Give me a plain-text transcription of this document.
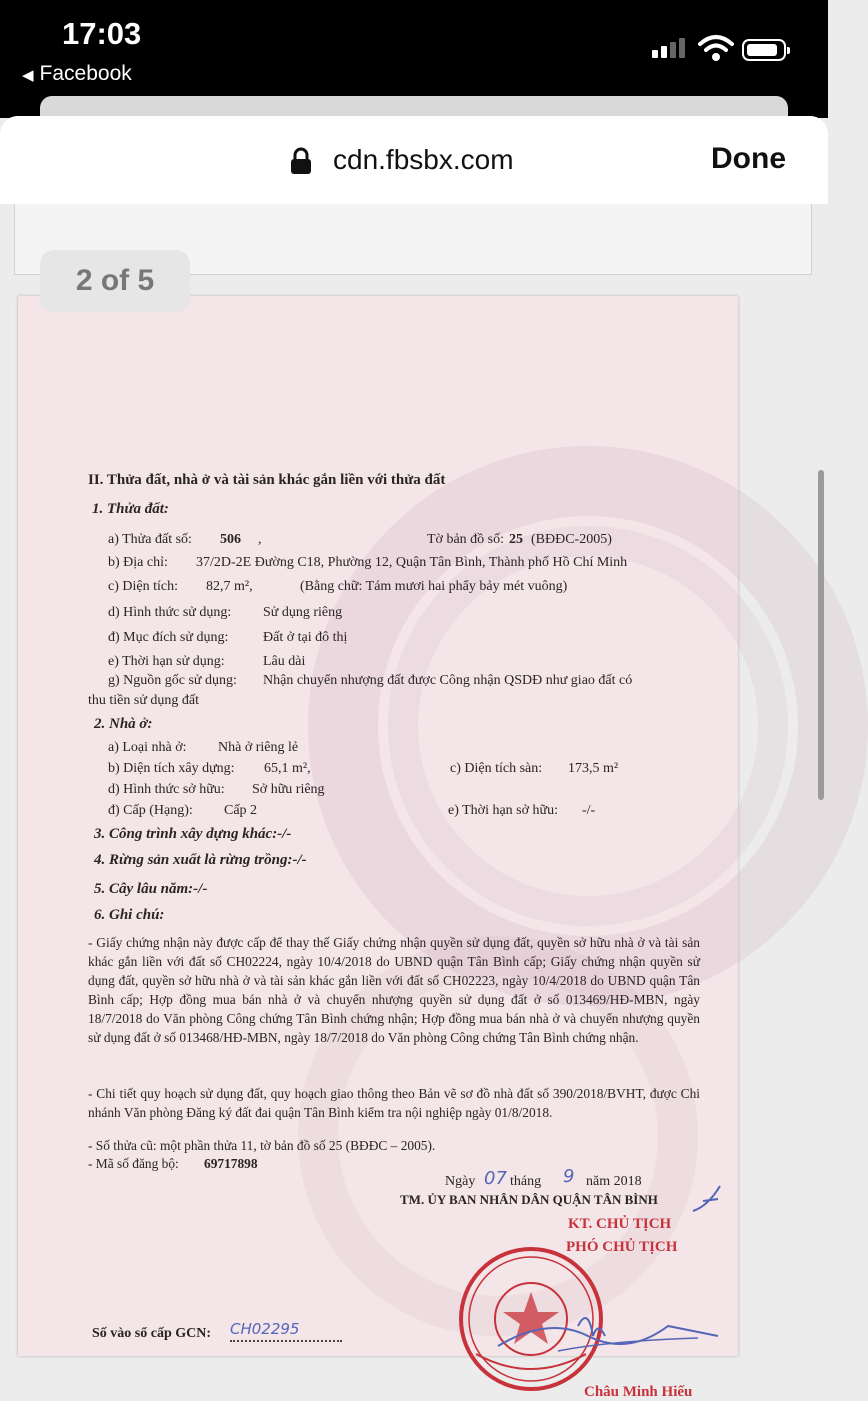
17:03
◀ Facebook
cdn.fbsbx.com	Done
II. Thửa đất, nhà ở và tài sản khác gắn liền với thửa đất
1. Thửa đất:
a) Thửa đất số: 506 ,	Tờ bản đồ số: 25 (BĐĐC-2005)
b) Địa chỉ: 37/2D-2E Đường C18, Phường 12, Quận Tân Bình, Thành phố Hồ Chí Minh
c) Diện tích: 82,7 m²,	(Bằng chữ: Tám mươi hai phẩy bảy mét vuông)
d) Hình thức sử dụng: Sử dụng riêng
đ) Mục đích sử dụng: Đất ở tại đô thị
e) Thời hạn sử dụng:	Lâu dài
g) Nguồn gốc sử dụng: Nhận chuyển nhượng đất được Công nhận QSDĐ như giao đất có
thu tiền sử dụng đất
2. Nhà ở:
a) Loại nhà ở: Nhà ở riêng lẻ
b) Diện tích xây dựng: 65,1 m²,	c) Diện tích sàn: 173,5 m²
d) Hình thức sở hữu: Sở hữu riêng
đ) Cấp (Hạng): Cấp 2	e) Thời hạn sở hữu: -/-
3. Công trình xây dựng khác:-/-
4. Rừng sản xuất là rừng trồng:-/-
5. Cây lâu năm:-/-
6. Ghi chú:
- Giấy chứng nhận này được cấp để thay thế Giấy chứng nhận quyền sử dụng đất, quyền sở hữu nhà ở và tài sản khác gắn liền với đất số CH02224, ngày 10/4/2018 do UBND quận Tân Bình cấp; Giấy chứng nhận quyền sử dụng đất, quyền sở hữu nhà ở và tài sản khác gắn liền với đất số CH02223, ngày 10/4/2018 do UBND quận Tân Bình cấp; Hợp đồng mua bán nhà ở và chuyển nhượng quyền sử dụng đất ở số 013469/HĐ-MBN, ngày 18/7/2018 do Văn phòng Công chứng Tân Bình chứng nhận; Hợp đồng mua bán nhà ở và chuyển nhượng quyền sử dụng đất ở số 013468/HĐ-MBN, ngày 18/7/2018 do Văn phòng Công chứng Tân Bình chứng nhận.
- Chi tiết quy hoạch sử dụng đất, quy hoạch giao thông theo Bản vẽ sơ đồ nhà đất số 390/2018/BVHT, được Chi nhánh Văn phòng Đăng ký đất đai quận Tân Bình kiểm tra nội nghiệp ngày 01/8/2018.
- Số thửa cũ: một phần thửa 11, tờ bản đồ số 25 (BĐĐC – 2005).
- Mã số đăng bộ: 69717898
Ngày 07 tháng 9 năm 2018
TM. ỦY BAN NHÂN DÂN QUẬN TÂN BÌNH
KT. CHỦ TỊCH
PHÓ CHỦ TỊCH
Số vào sổ cấp GCN: CH02295
Châu Minh Hiếu
2 of 5
